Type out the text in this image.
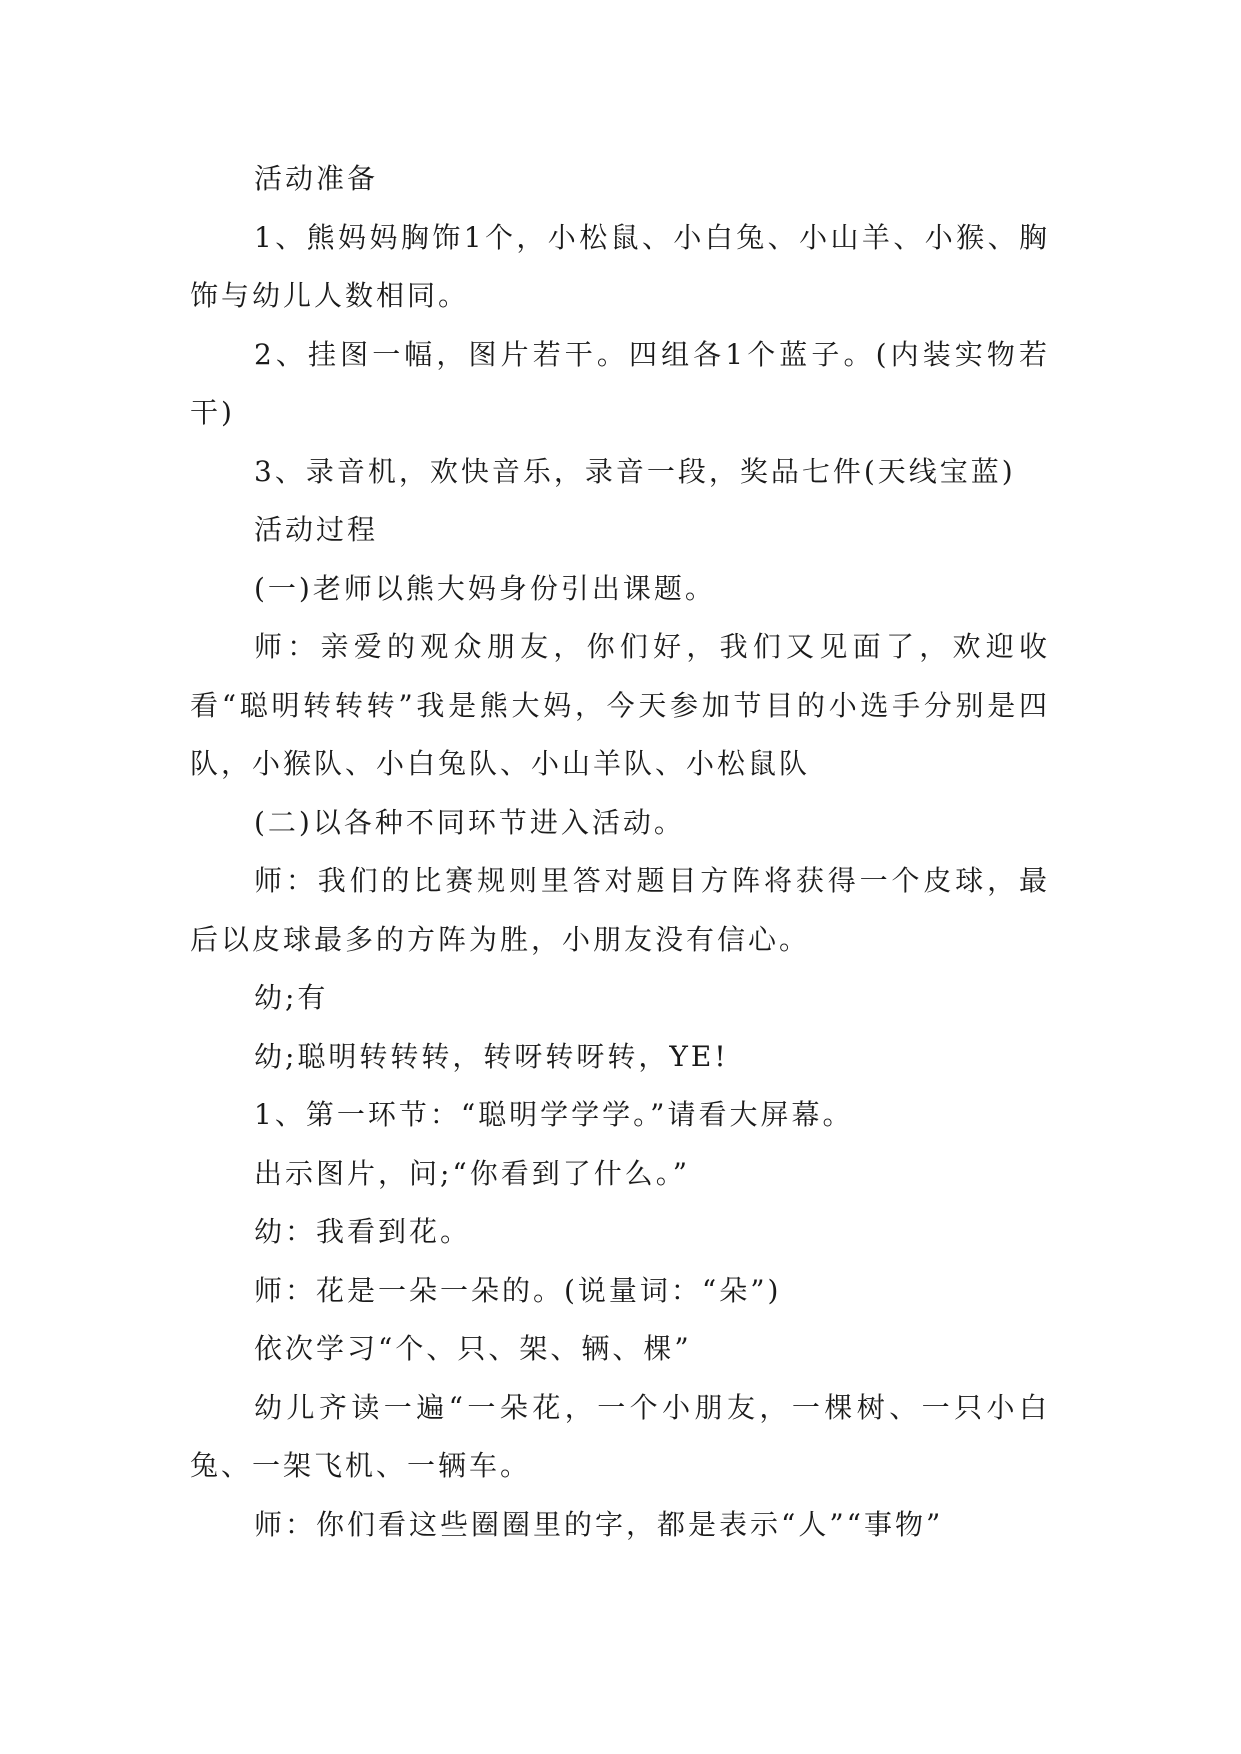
活动准备

1、熊妈妈胸饰1个，小松鼠、小白兔、小山羊、小猴、胸饰与幼儿人数相同。

2、挂图一幅，图片若干。四组各1个蓝子。(内装实物若干)

3、录音机，欢快音乐，录音一段，奖品七件(天线宝蓝)

活动过程

(一)老师以熊大妈身份引出课题。

师：亲爱的观众朋友，你们好，我们又见面了，欢迎收看“聪明转转转”我是熊大妈，今天参加节目的小选手分别是四队，小猴队、小白兔队、小山羊队、小松鼠队

(二)以各种不同环节进入活动。

师：我们的比赛规则里答对题目方阵将获得一个皮球，最后以皮球最多的方阵为胜，小朋友没有信心。

幼;有

幼;聪明转转转，转呀转呀转，YE!

1、第一环节：“聪明学学学。”请看大屏幕。

出示图片，问;“你看到了什么。”

幼：我看到花。

师：花是一朵一朵的。(说量词：“朵”)

依次学习“个、只、架、辆、棵”

幼儿齐读一遍“一朵花，一个小朋友，一棵树、一只小白兔、一架飞机、一辆车。

师：你们看这些圈圈里的字，都是表示“人”“事物”
